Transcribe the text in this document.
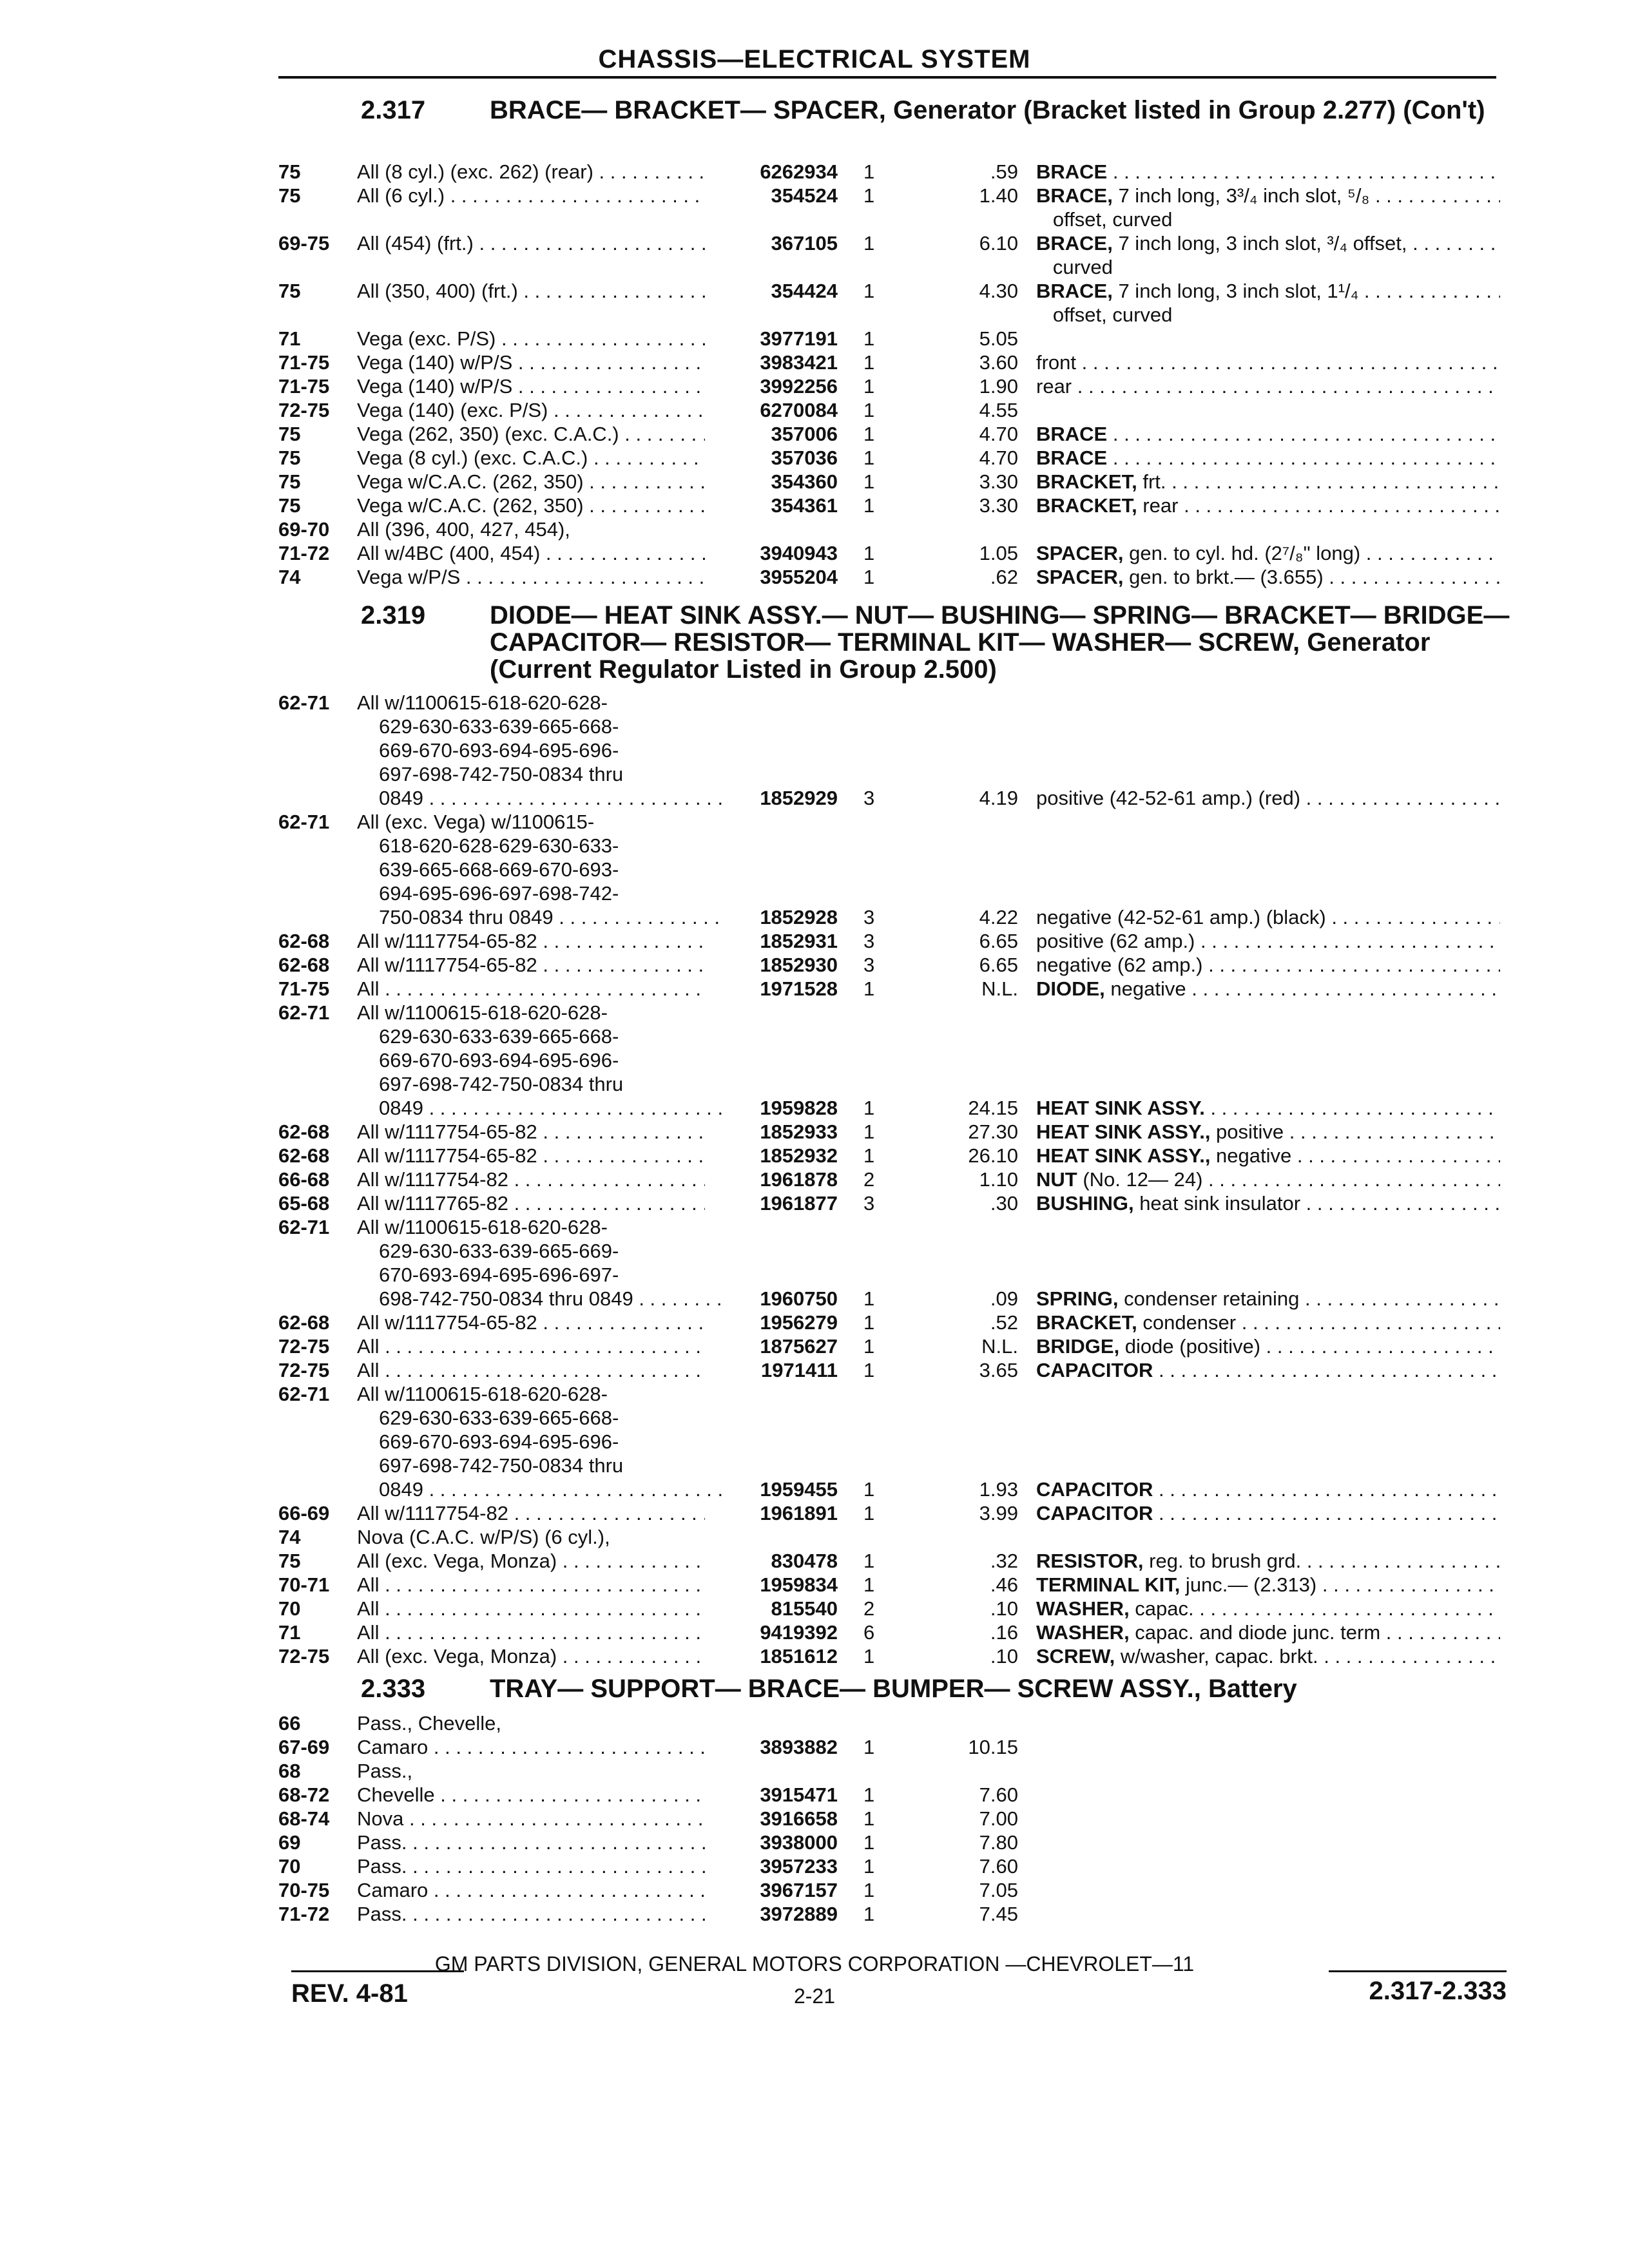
CHASSIS—ELECTRICAL SYSTEM
2.317 BRACE— BRACKET— SPACER, Generator (Bracket listed in Group 2.277) (Con't)
75	All (8 cyl.) (exc. 262) (rear) . . .	6262934 1	.59 BRACE . . .
75	All (6 cyl.) . . .	354524 1	1.40 BRACE, 7 inch long, 3³/₄ inch slot, ⁵/₈ . . .
offset, curved
69-75 All (454) (frt.) . . .	367105 1	6.10 BRACE, 7 inch long, 3 inch slot, ³/₄ offset, . . .
curved
75	All (350, 400) (frt.) . . .	354424 1	4.30 BRACE, 7 inch long, 3 inch slot, 1¹/₄ . . .
offset, curved
71	Vega (exc. P/S) . . .	3977191 1	5.05
71-75 Vega (140) w/P/S . . .	3983421 1	3.60 front . . .
71-75 Vega (140) w/P/S . . .	3992256 1	1.90 rear . . .
72-75 Vega (140) (exc. P/S) . . .	6270084 1	4.55
75	Vega (262, 350) (exc. C.A.C.) . . .	357006 1	4.70 BRACE . . .
75	Vega (8 cyl.) (exc. C.A.C.) . . .	357036 1	4.70 BRACE . . .
75	Vega w/C.A.C. (262, 350) . . .	354360 1	3.30 BRACKET, frt. . . .
75	Vega w/C.A.C. (262, 350) . . .	354361 1	3.30 BRACKET, rear . . .
69-70 All (396, 400, 427, 454),
71-72 All w/4BC (400, 454) . . .	3940943 1	1.05 SPACER, gen. to cyl. hd. (2⁷/₈" long) . . .
74	Vega w/P/S . . .	3955204 1	.62 SPACER, gen. to brkt.— (3.655) . . .
2.319 DIODE— HEAT SINK ASSY.— NUT— BUSHING— SPRING— BRACKET— BRIDGE— CAPACITOR— RESISTOR— TERMINAL KIT— WASHER— SCREW, Generator (Current Regulator Listed in Group 2.500)
62-71 All w/1100615-618-620-628-
629-630-633-639-665-668-
669-670-693-694-695-696-
697-698-742-750-0834 thru
0849 . . .	1852929 3	4.19 positive (42-52-61 amp.) (red) . . .
62-71 All (exc. Vega) w/1100615-
618-620-628-629-630-633-
639-665-668-669-670-693-
694-695-696-697-698-742-
750-0834 thru 0849 . . .	1852928 3	4.22 negative (42-52-61 amp.) (black) . . .
62-68 All w/1117754-65-82 . . .	1852931 3	6.65 positive (62 amp.) . . .
62-68 All w/1117754-65-82 . . .	1852930 3	6.65 negative (62 amp.) . . .
71-75 All . . .	1971528 1	N.L. DIODE, negative . . .
62-71 All w/1100615-618-620-628-
629-630-633-639-665-668-
669-670-693-694-695-696-
697-698-742-750-0834 thru
0849 . . .	1959828 1	24.15 HEAT SINK ASSY. . . .
62-68 All w/1117754-65-82 . . .	1852933 1	27.30 HEAT SINK ASSY., positive . . .
62-68 All w/1117754-65-82 . . .	1852932 1	26.10 HEAT SINK ASSY., negative . . .
66-68 All w/1117754-82 . . .	1961878 2	1.10 NUT (No. 12— 24) . . .
65-68 All w/1117765-82 . . .	1961877 3	.30 BUSHING, heat sink insulator . . .
62-71 All w/1100615-618-620-628-
629-630-633-639-665-669-
670-693-694-695-696-697-
698-742-750-0834 thru 0849 . . .	1960750 1	.09 SPRING, condenser retaining . . .
62-68 All w/1117754-65-82 . . .	1956279 1	.52 BRACKET, condenser . . .
72-75 All . . .	1875627 1	N.L. BRIDGE, diode (positive) . . .
72-75 All . . .	1971411 1	3.65 CAPACITOR . . .
62-71 All w/1100615-618-620-628-
629-630-633-639-665-668-
669-670-693-694-695-696-
697-698-742-750-0834 thru
0849 . . .	1959455 1	1.93 CAPACITOR . . .
66-69 All w/1117754-82 . . .	1961891 1	3.99 CAPACITOR . . .
74	Nova (C.A.C. w/P/S) (6 cyl.),
75	All (exc. Vega, Monza) . . .	830478 1	.32 RESISTOR, reg. to brush grd. . . .
70-71 All . . .	1959834 1	.46 TERMINAL KIT, junc.— (2.313) . . .
70	All . . .	815540 2	.10 WASHER, capac. . . .
71	All . . .	9419392 6	.16 WASHER, capac. and diode junc. term . . .
72-75 All (exc. Vega, Monza) . . .	1851612 1	.10 SCREW, w/washer, capac. brkt. . . .
2.333 TRAY— SUPPORT— BRACE— BUMPER— SCREW ASSY., Battery
66	Pass., Chevelle,
67-69 Camaro . . .	3893882 1	10.15
68	Pass.,
68-72 Chevelle . . .	3915471 1	7.60
68-74 Nova . . .	3916658 1	7.00
69	Pass. . . .	3938000 1	7.80
70	Pass. . . .	3957233 1	7.60
70-75 Camaro . . .	3967157 1	7.05
71-72 Pass. . . .	3972889 1	7.45
GM PARTS DIVISION, GENERAL MOTORS CORPORATION —CHEVROLET—11
REV. 4-81	2-21	2.317-2.333
